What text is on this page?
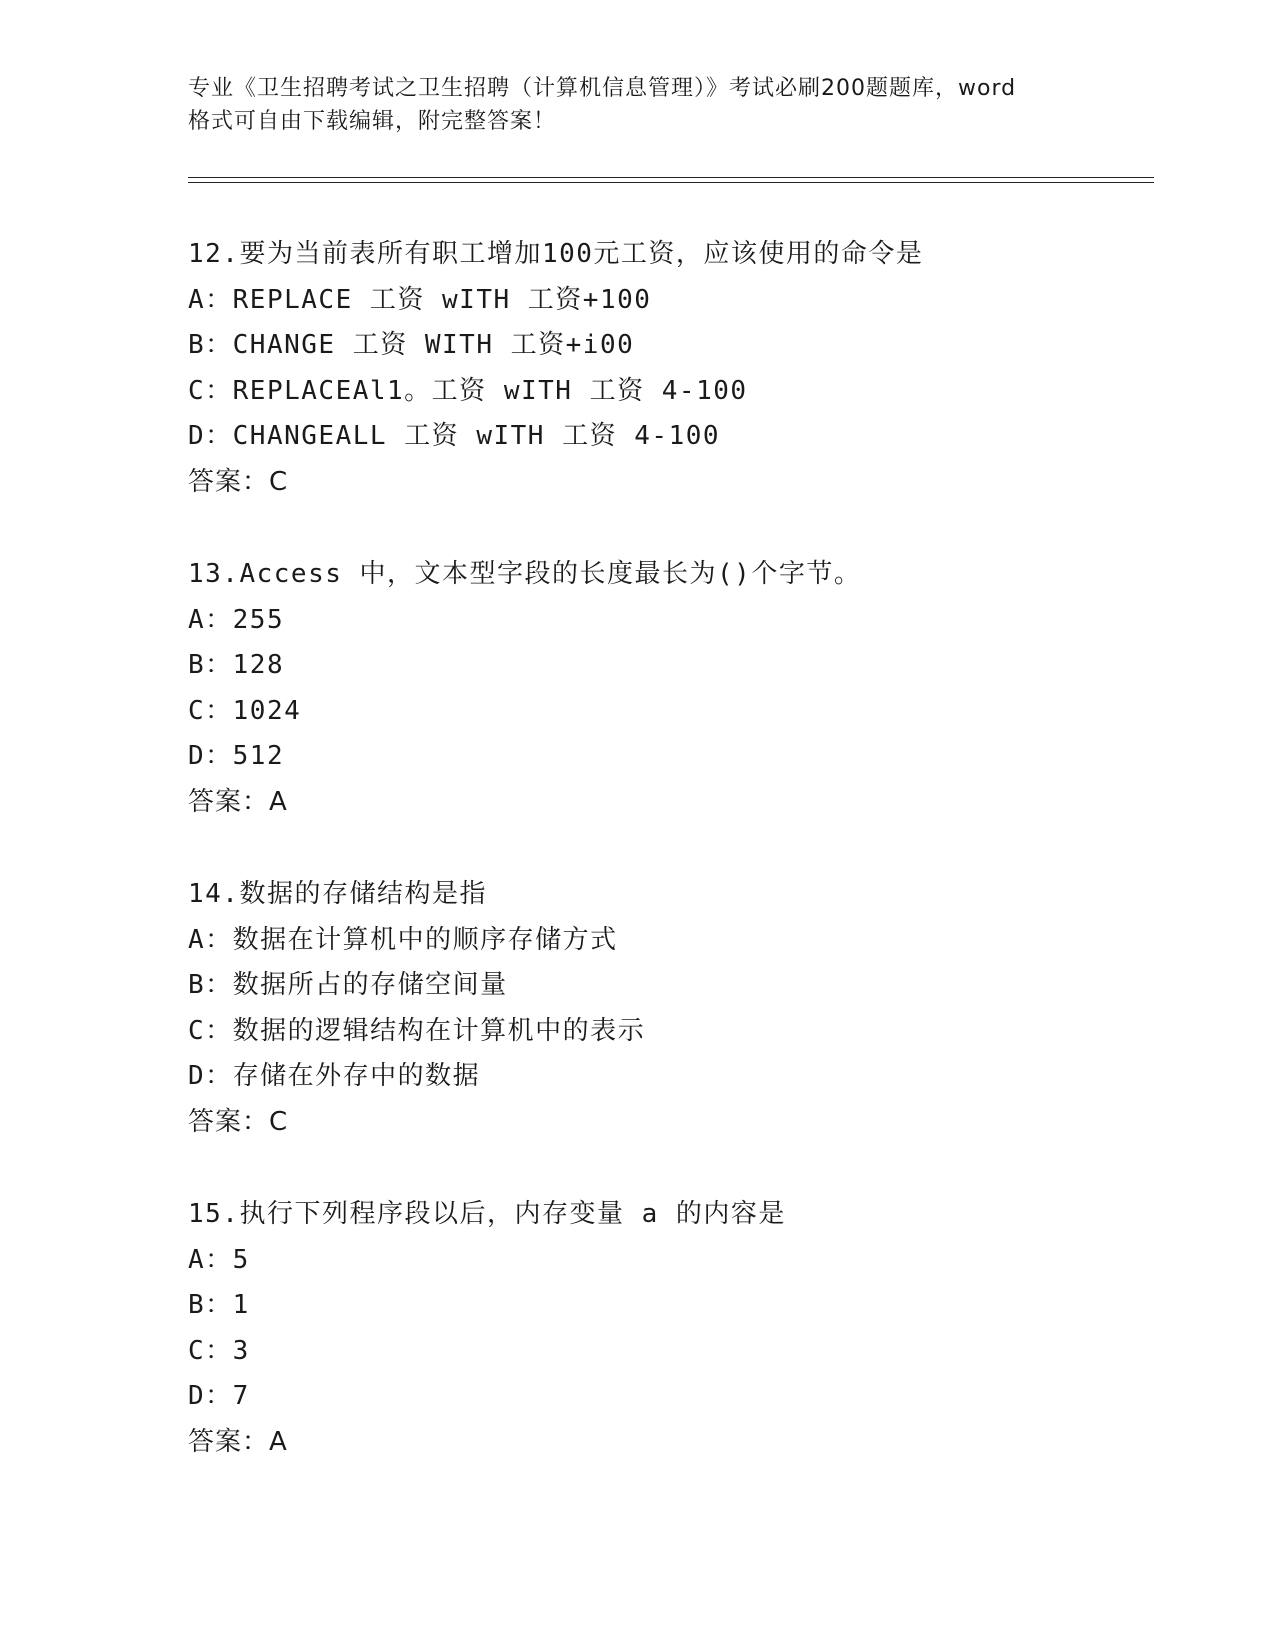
专业《卫生招聘考试之卫生招聘（计算机信息管理）》考试必刷200题题库，word
格式可自由下载编辑，附完整答案！
12.要为当前表所有职工增加100元工资，应该使用的命令是
A：REPLACE 工资 wITH 工资+100
B：CHANGE 工资 WITH 工资+i00
C：REPLACEAl1。工资 wITH 工资 4-100
D：CHANGEALL 工资 wITH 工资 4-100
答案：C
13.Access 中，文本型字段的长度最长为()个字节。
A：255
B：128
C：1024
D：512
答案：A
14.数据的存储结构是指
A：数据在计算机中的顺序存储方式
B：数据所占的存储空间量
C：数据的逻辑结构在计算机中的表示
D：存储在外存中的数据
答案：C
15.执行下列程序段以后，内存变量 a 的内容是
A：5
B：1
C：3
D：7
答案：A
